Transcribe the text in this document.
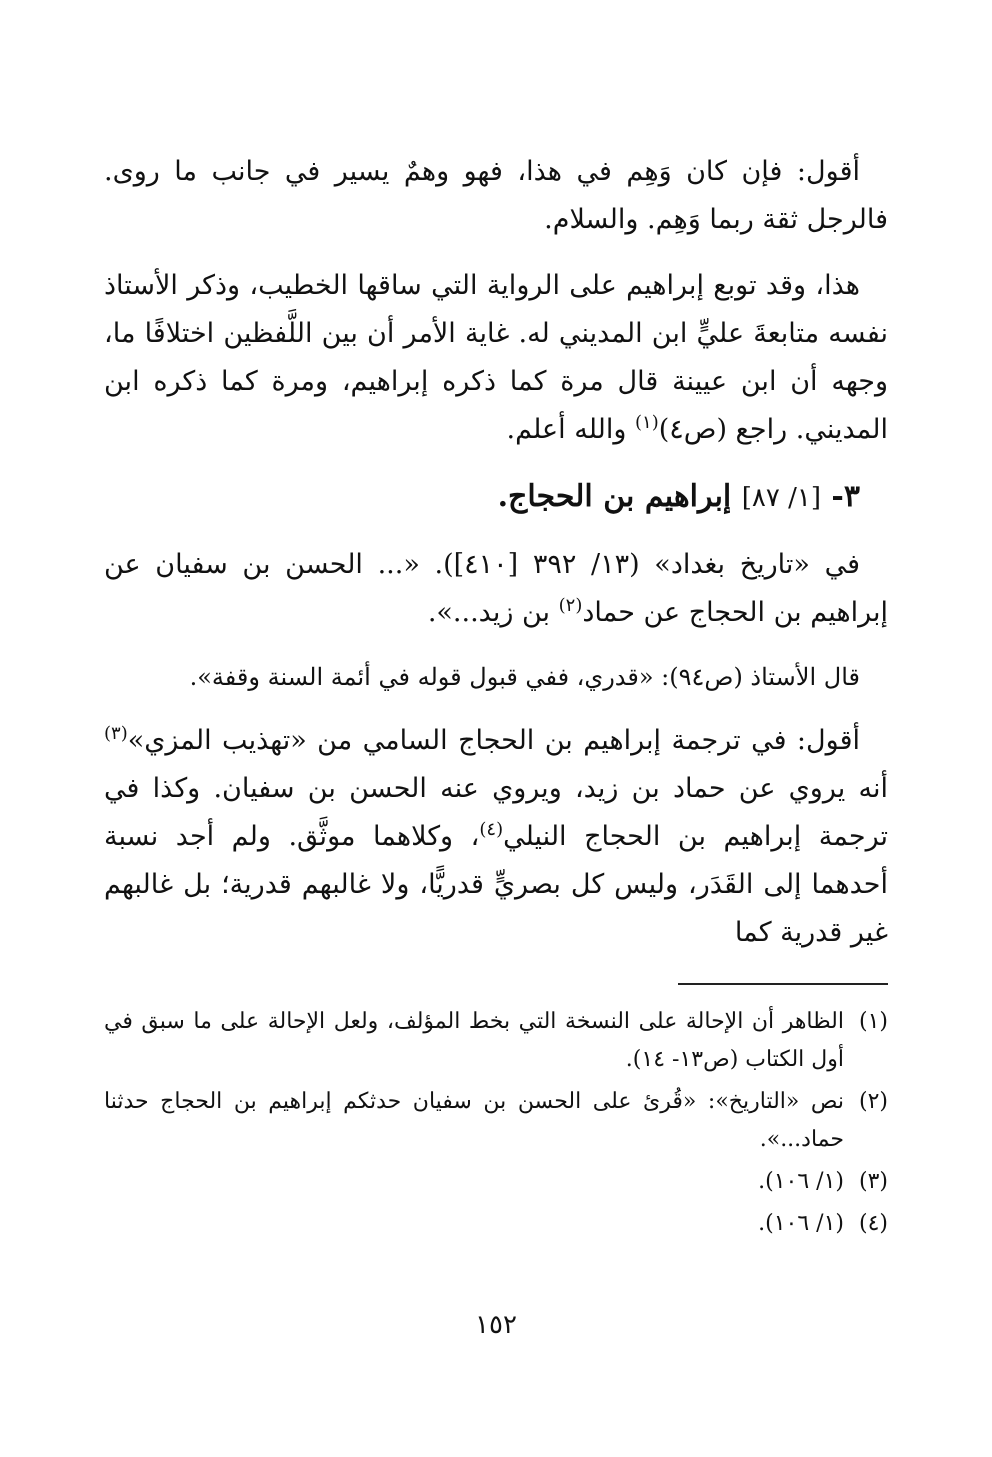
أقول: فإن كان وَهِم في هذا، فهو وهمٌ يسير في جانب ما روى. فالرجل ثقة ربما وَهِم. والسلام.

هذا، وقد توبع إبراهيم على الرواية التي ساقها الخطيب، وذكر الأستاذ نفسه متابعةَ عليٍّ ابن المديني له. غاية الأمر أن بين اللَّفظين اختلافًا ما، وجهه أن ابن عيينة قال مرة كما ذكره إبراهيم، ومرة كما ذكره ابن المديني. راجع (ص٤)$^{(١)}$ والله أعلم.

٣- [١/ ٨٧] إبراهيم بن الحجاج.

في «تاريخ بغداد» (١٣/ ٣٩٢ [٤١٠]). «... الحسن بن سفيان عن إبراهيم بن الحجاج عن حماد$^{(٢)}$ بن زيد...».

قال الأستاذ (ص٩٤): «قدري، ففي قبول قوله في أئمة السنة وقفة».

أقول: في ترجمة إبراهيم بن الحجاج السامي من «تهذيب المزي»$^{(٣)}$ أنه يروي عن حماد بن زيد، ويروي عنه الحسن بن سفيان. وكذا في ترجمة إبراهيم بن الحجاج النيلي$^{(٤)}$، وكلاهما موثَّق. ولم أجد نسبة أحدهما إلى القَدَر، وليس كل بصريٍّ قدريًّا، ولا غالبهم قدرية؛ بل غالبهم غير قدرية كما

(١)
الظاهر أن الإحالة على النسخة التي بخط المؤلف، ولعل الإحالة على ما سبق في أول الكتاب (ص١٣- ١٤).
(٢)
نص «التاريخ»: «قُرئ على الحسن بن سفيان حدثكم إبراهيم بن الحجاج حدثنا حماد...».
(٣)
(١/ ١٠٦).
(٤)
(١/ ١٠٦).
١٥٢
